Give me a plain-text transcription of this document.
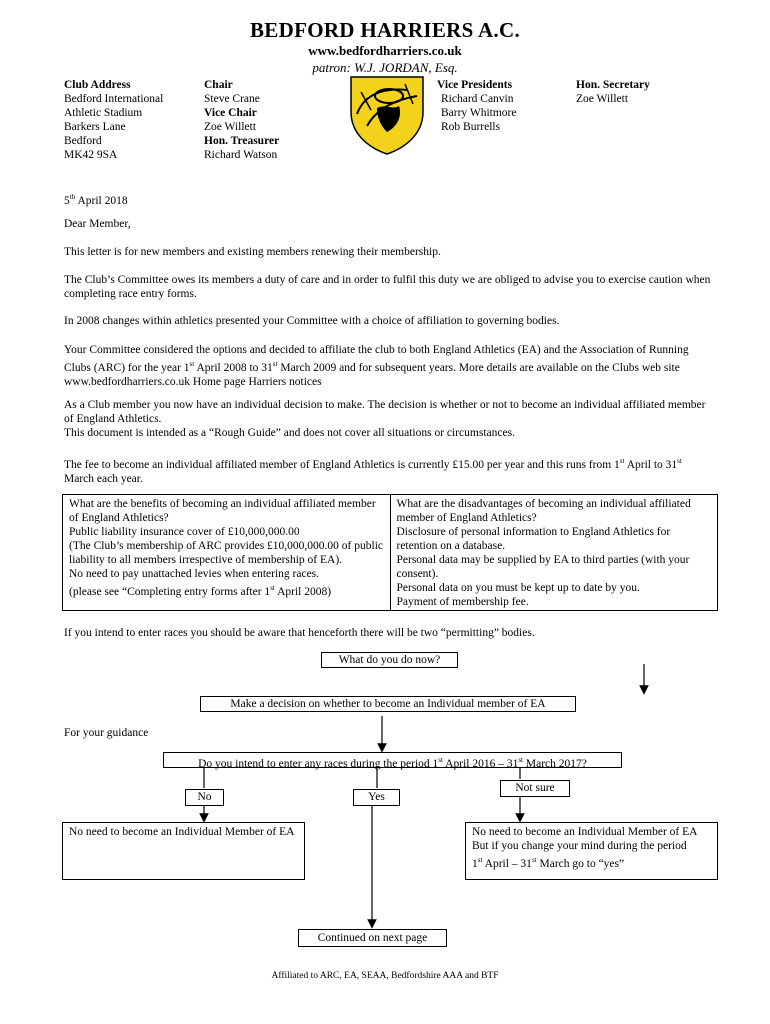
BEDFORD HARRIERS A.C.
www.bedfordharriers.co.uk
patron: W.J. JORDAN, Esq.
Club Address
Bedford International
Athletic Stadium
Barkers Lane
Bedford
MK42 9SA
Chair
Steve Crane
Vice Chair
Zoe Willett
Hon. Treasurer
Richard Watson
Vice Presidents
Richard Canvin
Barry Whitmore
Rob Burrells
Hon. Secretary
Zoe Willett

5th April 2018

Dear Member,

This letter is for new members and existing members renewing their membership.

The Club’s Committee owes its members a duty of care and in order to fulfil this duty we are obliged to advise you to exercise caution when completing race entry forms.

In 2008 changes within athletics presented your Committee with a choice of affiliation to governing bodies.

Your Committee considered the options and decided to affiliate the club to both England Athletics (EA) and the Association of Running Clubs (ARC) for the year 1st April 2008 to 31st March 2009 and for subsequent years. More details are available on the Clubs web site www.bedfordharriers.co.uk Home page Harriers notices

As a Club member you now have an individual decision to make. The decision is whether or not to become an individual affiliated member of England Athletics.
This document is intended as a “Rough Guide” and does not cover all situations or circumstances.

The fee to become an individual affiliated member of England Athletics is currently £15.00 per year and this runs from 1st April to 31st March each year.

What are the benefits of becoming an individual affiliated member of England Athletics?
Public liability insurance cover of £10,000,000.00
(The Club’s membership of ARC provides £10,000,000.00 of public liability to all members irrespective of membership of EA).
No need to pay unattached levies when entering races.
(please see “Completing entry forms after 1st April 2008)

What are the disadvantages of becoming an individual affiliated member of England Athletics?
Disclosure of personal information to England Athletics for retention on a database.
Personal data may be supplied by EA to third parties (with your consent).
Personal data on you must be kept up to date by you.
Payment of membership fee.

If you intend to enter races you should be aware that henceforth there will be two “permitting” bodies.

What do you do now?
Make a decision on whether to become an Individual member of EA

For your guidance

Do you intend to enter any races during the period 1st April 2016 – 31st March 2017?
No	Yes
Not sure
No need to become an Individual Member of EA	No need to become an Individual Member of EA
But if you change your mind during the period
1st April – 31st March go to “yes”
Continued on next page
Affiliated to ARC, EA, SEAA, Bedfordshire AAA and BTF
